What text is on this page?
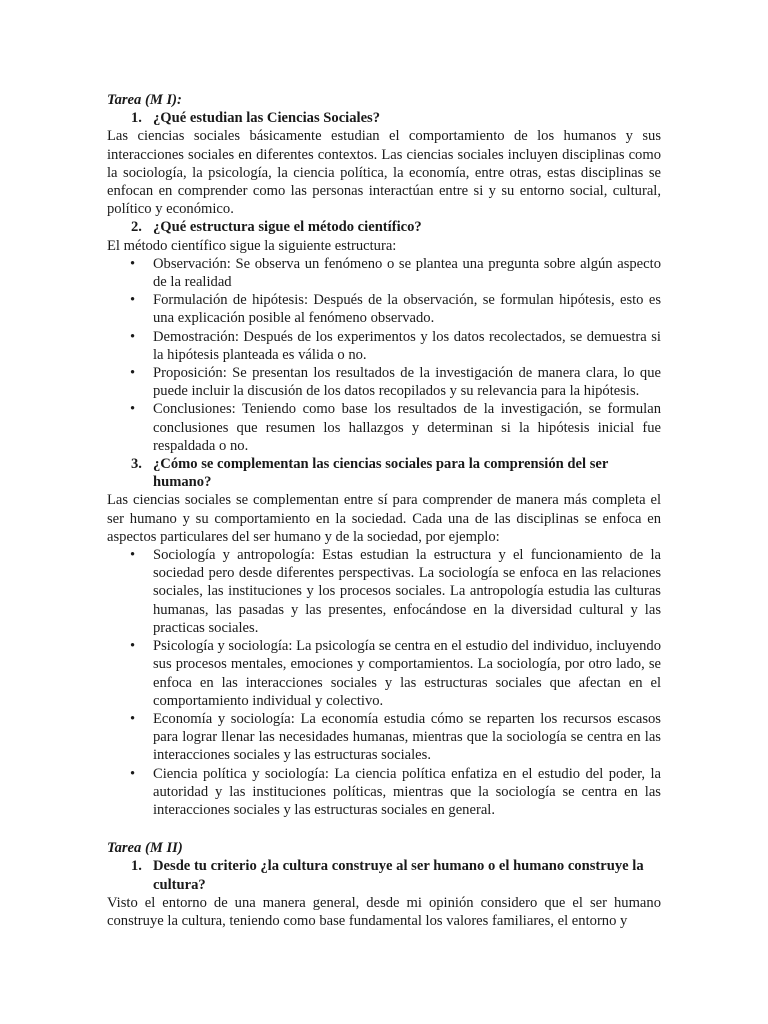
Tarea (M I):

1. ¿Qué estudian las Ciencias Sociales?

Las ciencias sociales básicamente estudian el comportamiento de los humanos y sus interacciones sociales en diferentes contextos. Las ciencias sociales incluyen disciplinas como la sociología, la psicología, la ciencia política, la economía, entre otras, estas disciplinas se enfocan en comprender como las personas interactúan entre si y su entorno social, cultural, político y económico.

2. ¿Qué estructura sigue el método científico?

El método científico sigue la siguiente estructura:

• Observación: Se observa un fenómeno o se plantea una pregunta sobre algún aspecto de la realidad
• Formulación de hipótesis: Después de la observación, se formulan hipótesis, esto es una explicación posible al fenómeno observado.
• Demostración: Después de los experimentos y los datos recolectados, se demuestra si la hipótesis planteada es válida o no.
• Proposición: Se presentan los resultados de la investigación de manera clara, lo que puede incluir la discusión de los datos recopilados y su relevancia para la hipótesis.
• Conclusiones: Teniendo como base los resultados de la investigación, se formulan conclusiones que resumen los hallazgos y determinan si la hipótesis inicial fue respaldada o no.

3. ¿Cómo se complementan las ciencias sociales para la comprensión del ser humano?

Las ciencias sociales se complementan entre sí para comprender de manera más completa el ser humano y su comportamiento en la sociedad. Cada una de las disciplinas se enfoca en aspectos particulares del ser humano y de la sociedad, por ejemplo:

• Sociología y antropología: Estas estudian la estructura y el funcionamiento de la sociedad pero desde diferentes perspectivas. La sociología se enfoca en las relaciones sociales, las instituciones y los procesos sociales. La antropología estudia las culturas humanas, las pasadas y las presentes, enfocándose en la diversidad cultural y las practicas sociales.
• Psicología y sociología: La psicología se centra en el estudio del individuo, incluyendo sus procesos mentales, emociones y comportamientos. La sociología, por otro lado, se enfoca en las interacciones sociales y las estructuras sociales que afectan en el comportamiento individual y colectivo.
• Economía y sociología: La economía estudia cómo se reparten los recursos escasos para lograr llenar las necesidades humanas, mientras que la sociología se centra en las interacciones sociales y las estructuras sociales.
• Ciencia política y sociología: La ciencia política enfatiza en el estudio del poder, la autoridad y las instituciones políticas, mientras que la sociología se centra en las interacciones sociales y las estructuras sociales en general.

Tarea (M II)

1. Desde tu criterio ¿la cultura construye al ser humano o el humano construye la cultura?

Visto el entorno de una manera general, desde mi opinión considero que el ser humano construye la cultura, teniendo como base fundamental los valores familiares, el entorno y
